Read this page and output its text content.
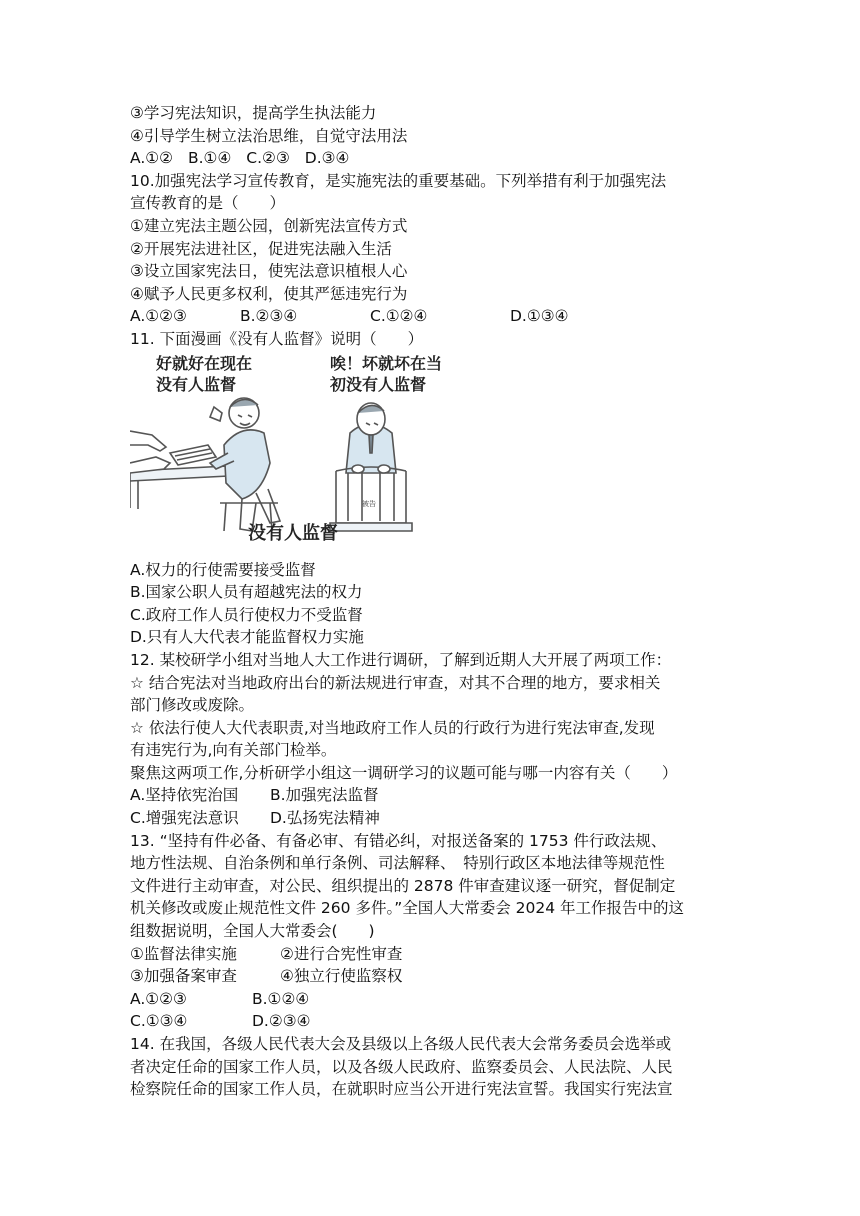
③学习宪法知识，提高学生执法能力
④引导学生树立法治思维，自觉守法用法
A.①② B.①④ C.②③ D.③④
10.加强宪法学习宣传教育，是实施宪法的重要基础。下列举措有利于加强宪法
宣传教育的是（　　）
①建立宪法主题公园，创新宪法宣传方式
②开展宪法进社区，促进宪法融入生活
③设立国家宪法日，使宪法意识植根人心
④赋予人民更多权利，使其严惩违宪行为
A.①②③	B.②③④	C.①②④	D.①③④
11. 下面漫画《没有人监督》说明（　　）
好就好在现在
没有人监督
唉！坏就坏在当
初没有人监督
被告
没有人监督
A.权力的行使需要接受监督
B.国家公职人员有超越宪法的权力
C.政府工作人员行使权力不受监督
D.只有人大代表才能监督权力实施
12. 某校研学小组对当地人大工作进行调研，了解到近期人大开展了两项工作：
☆ 结合宪法对当地政府出台的新法规进行审查，对其不合理的地方，要求相关
部门修改或废除。
☆ 依法行使人大代表职责,对当地政府工作人员的行政行为进行宪法审查,发现
有违宪行为,向有关部门检举。
聚焦这两项工作,分析研学小组这一调研学习的议题可能与哪一内容有关（　　）
A.坚持依宪治国 B.加强宪法监督
C.增强宪法意识 D.弘扬宪法精神
13. “坚持有件必备、有备必审、有错必纠，对报送备案的 1753 件行政法规、
地方性法规、自治条例和单行条例、司法解释、　特别行政区本地法律等规范性
文件进行主动审查，对公民、组织提出的 2878 件审查建议逐一研究，督促制定
机关修改或废止规范性文件 260 多件。”全国人大常委会 2024 年工作报告中的这
组数据说明，全国人大常委会(　　)
①监督法律实施	②进行合宪性审查
③加强备案审查	④独立行使监察权
A.①②③	B.①②④
C.①③④	D.②③④
14. 在我国，各级人民代表大会及县级以上各级人民代表大会常务委员会选举或
者决定任命的国家工作人员，以及各级人民政府、监察委员会、人民法院、人民
检察院任命的国家工作人员，在就职时应当公开进行宪法宣誓。我国实行宪法宣
